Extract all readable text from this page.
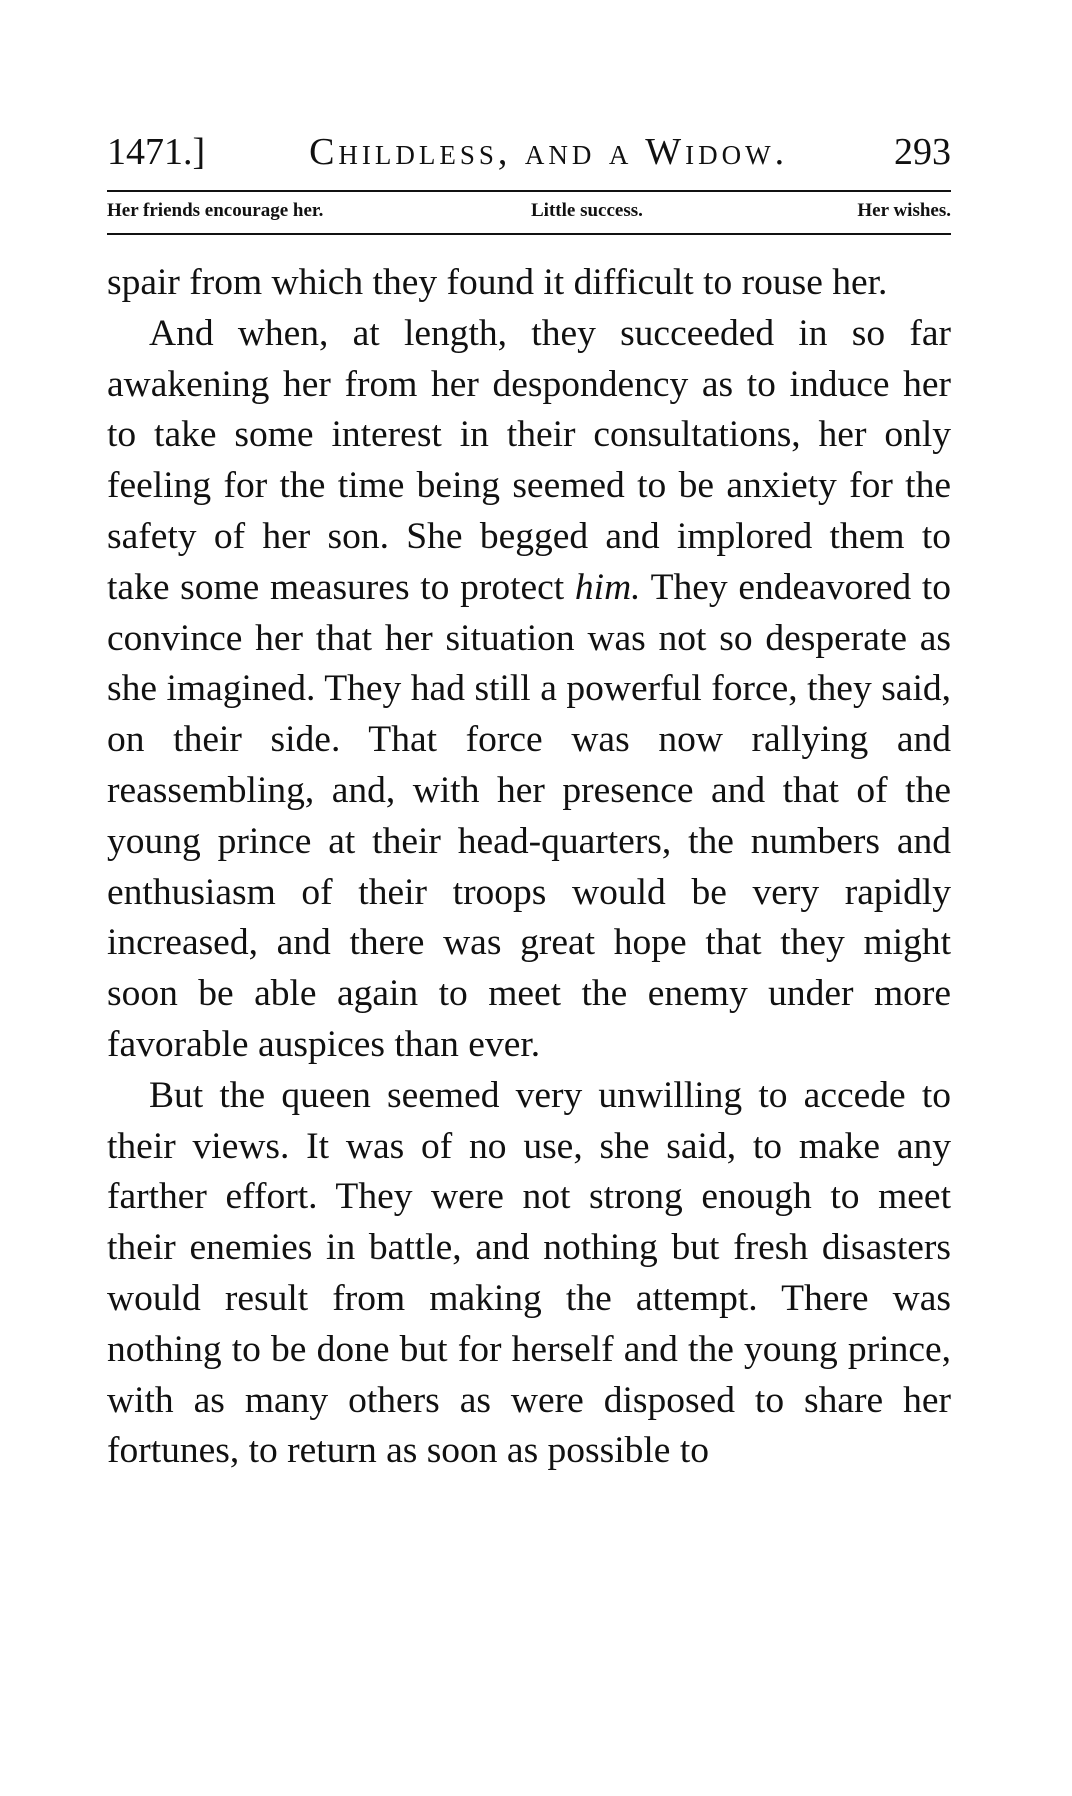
1471.]	Childless, and a Widow.	293
Her friends encourage her.	Little success.	Her wishes.

spair from which they found it difficult to rouse her.

And when, at length, they succeeded in so far awakening her from her despondency as to induce her to take some interest in their consultations, her only feeling for the time being seemed to be anxiety for the safety of her son. She begged and implored them to take some measures to protect him. They endeavored to convince her that her situation was not so desperate as she imagined. They had still a powerful force, they said, on their side. That force was now rallying and reassembling, and, with her presence and that of the young prince at their head-quarters, the numbers and enthusiasm of their troops would be very rapidly increased, and there was great hope that they might soon be able again to meet the enemy under more favorable auspices than ever.

But the queen seemed very unwilling to accede to their views. It was of no use, she said, to make any farther effort. They were not strong enough to meet their enemies in battle, and nothing but fresh disasters would result from making the attempt. There was nothing to be done but for herself and the young prince, with as many others as were disposed to share her fortunes, to return as soon as possible to
